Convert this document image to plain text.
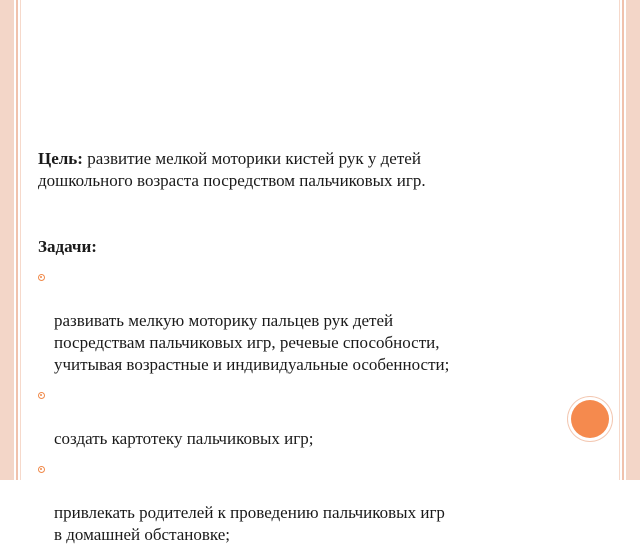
Цель: развитие мелкой моторики кистей рук у детей
дошкольного возраста посредством пальчиковых игр.

Задачи:

развивать мелкую моторику пальцев рук детей
посредствам пальчиковых игр, речевые способности,
учитывая возрастные и индивидуальные особенности;

создать картотеку пальчиковых игр;

привлекать родителей к проведению пальчиковых игр
в домашней обстановке;
